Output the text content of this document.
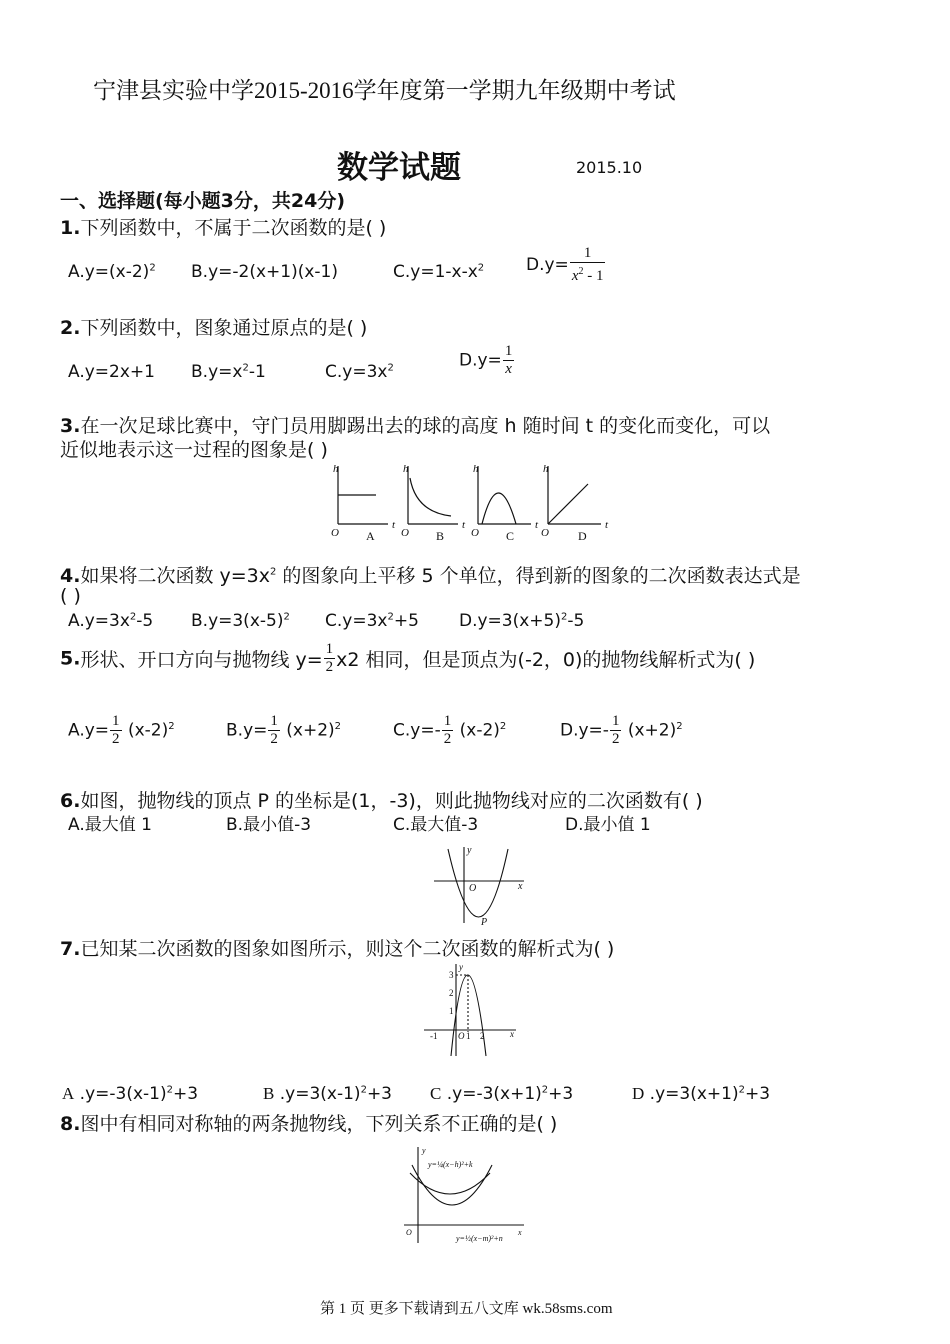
宁津县实验中学2015-2016学年度第一学期九年级期中考试
数学试题	2015.10
一、选择题(每小题3分，共24分)
1.下列函数中，不属于二次函数的是( )
$A.y=(x-2)^2$ B.y=-2(x+1)(x-1)	$C.y=1-x-x^2$ $D.y= \frac{1}{x^2 - 1}$
2.下列函数中，图象通过原点的是( )
A.y=2x+1 $B.y=x^2-1$	$C.y=3x^2$	$D.y= \frac{1}{x}$
3.在一次足球比赛中，守门员用脚踢出去的球的高度 h 随时间 t 的变化而变化，可以
近似地表示这一过程的图象是( )
h
O
t
h
O
t
h
O
t
h
O
t
A	B	C	D
4.如果将二次函数 $y=3x^2$ 的图象向上平移 5 个单位，得到新的图象的二次函数表达式是
( )
$A.y=3x^2-5$ $B.y=3(x-5)^2$ $C.y=3x^2+5$ $D.y=3(x+5)^2-5$
5.形状、开口方向与抛物线 $y= \frac{1}{2} x2$ 相同，但是顶点为(-2，0)的抛物线解析式为( )
$A.y= \frac{1}{2} (x-2)^2$	$B.y= \frac{1}{2} (x+2)^2$	$C.y=- \frac{1}{2} (x-2)^2$	$D.y=- \frac{1}{2} (x+2)^2$
6.如图，抛物线的顶点 P 的坐标是(1，-3)，则此抛物线对应的二次函数有( )
A.最大值 1	B.最小值-3	C.最大值-3	D.最小值 1
y
x
O
P
7.已知某二次函数的图象如图所示，则这个二次函数的解析式为( )
y
x
O
3
2
1
-1	1 2
A $.y=-3(x-1)^2+3$	B $.y=3(x-1)^2+3$ C $.y=-3(x+1)^2+3$	D $.y=3(x+1)^2+3$
8.图中有相同对称轴的两条抛物线，下列关系不正确的是( )
y
x
O
y=¼(x−h)²+k
y=½(x−m)²+n
第 1 页 更多下载请到五八文库 wk.58sms.com
